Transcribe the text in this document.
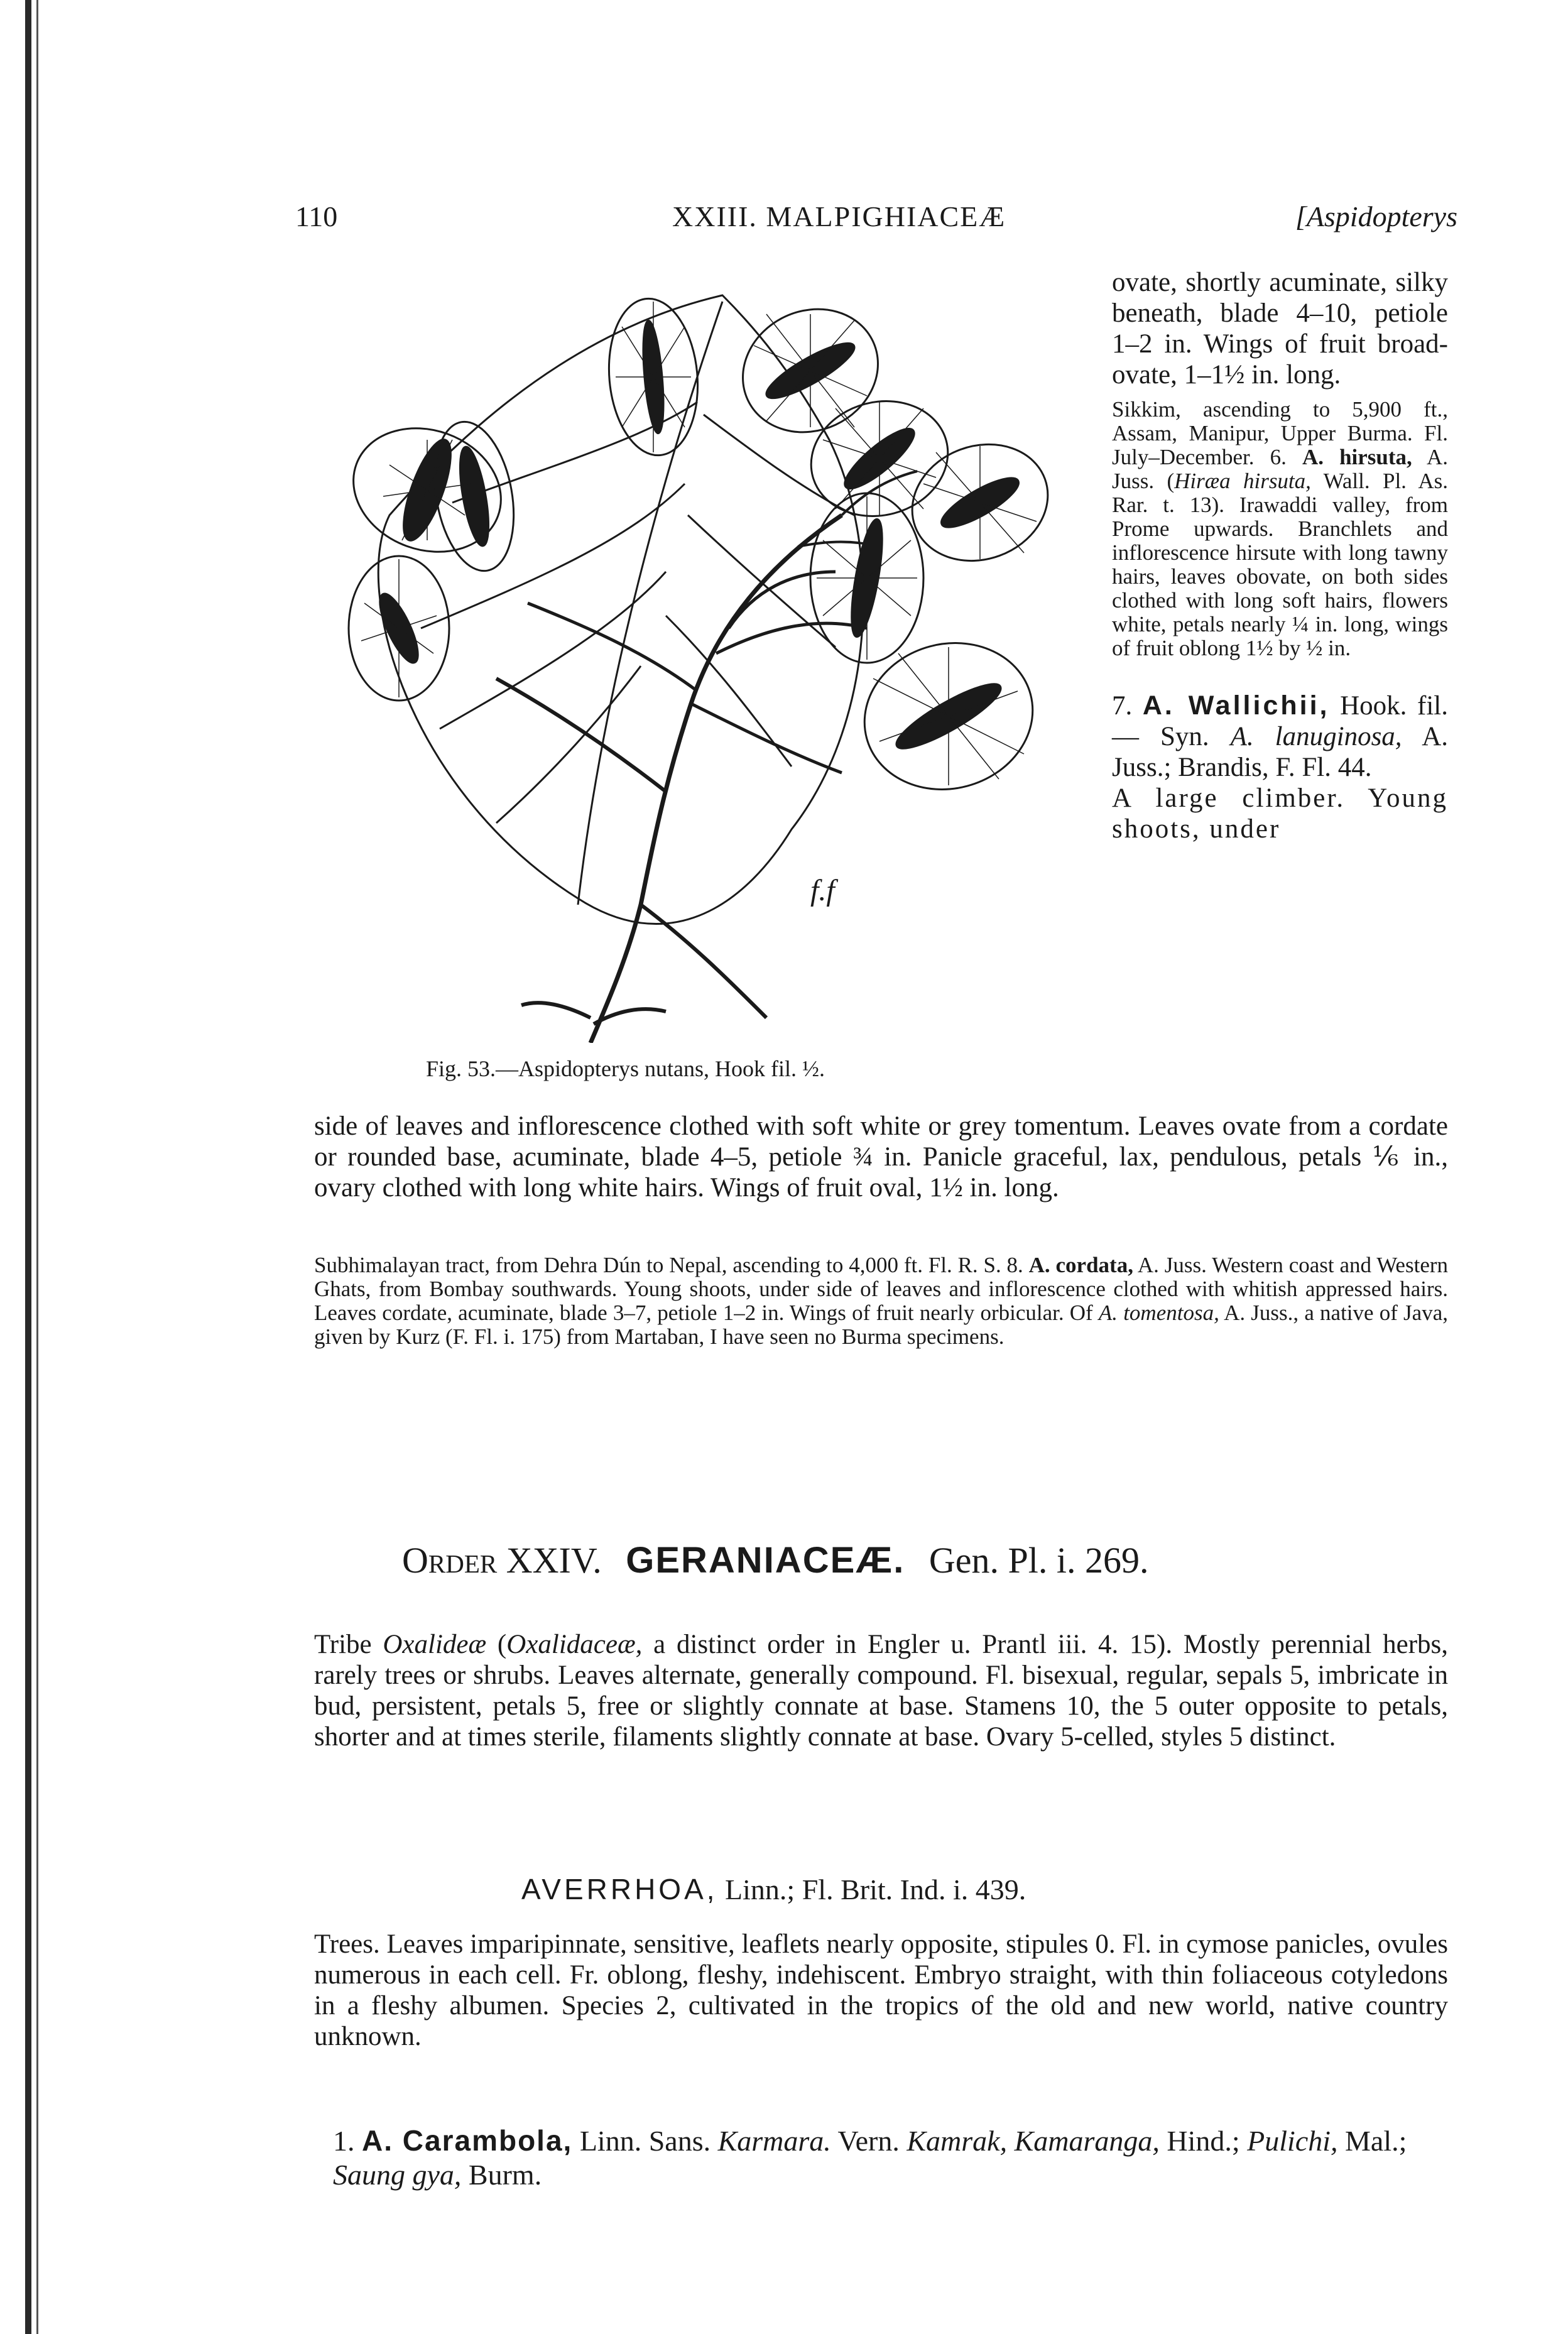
110	XXIII. MALPIGHIACEÆ	[Aspidopterys
f.f
Fig. 53.—Aspidopterys nutans, Hook fil. ½.
ovate, shortly acuminate, silky beneath, blade 4–10, petiole 1–2 in. Wings of fruit broad-ovate, 1–1½ in. long.
Sikkim, ascending to 5,900 ft., Assam, Manipur, Upper Burma. Fl. July–December. 6. A. hirsuta, A. Juss. (Hiræa hirsuta, Wall. Pl. As. Rar. t. 13). Irawaddi valley, from Prome upwards. Branchlets and inflorescence hirsute with long tawny hairs, leaves obovate, on both sides clothed with long soft hairs, flowers white, petals nearly ¼ in. long, wings of fruit oblong 1½ by ½ in.
7. A. Wallichii, Hook. fil. — Syn. A. lanuginosa, A. Juss.; Brandis, F. Fl. 44.
A large climber. Young shoots, under
side of leaves and inflorescence clothed with soft white or grey tomentum. Leaves ovate from a cordate or rounded base, acuminate, blade 4–5, petiole ¾ in. Panicle graceful, lax, pendulous, petals ⅙ in., ovary clothed with long white hairs. Wings of fruit oval, 1½ in. long.
Subhimalayan tract, from Dehra Dún to Nepal, ascending to 4,000 ft. Fl. R. S. 8. A. cordata, A. Juss. Western coast and Western Ghats, from Bombay southwards. Young shoots, under side of leaves and inflorescence clothed with whitish appressed hairs. Leaves cordate, acuminate, blade 3–7, petiole 1–2 in. Wings of fruit nearly orbicular. Of A. tomentosa, A. Juss., a native of Java, given by Kurz (F. Fl. i. 175) from Martaban, I have seen no Burma specimens.
Order XXIV. GERANIACEÆ. Gen. Pl. i. 269.
Tribe Oxalideæ (Oxalidaceæ, a distinct order in Engler u. Prantl iii. 4. 15). Mostly perennial herbs, rarely trees or shrubs. Leaves alternate, generally compound. Fl. bisexual, regular, sepals 5, imbricate in bud, persistent, petals 5, free or slightly connate at base. Stamens 10, the 5 outer opposite to petals, shorter and at times sterile, filaments slightly connate at base. Ovary 5-celled, styles 5 distinct.
AVERRHOA, Linn.; Fl. Brit. Ind. i. 439.
Trees. Leaves imparipinnate, sensitive, leaflets nearly opposite, stipules 0. Fl. in cymose panicles, ovules numerous in each cell. Fr. oblong, fleshy, indehiscent. Embryo straight, with thin foliaceous cotyledons in a fleshy albumen. Species 2, cultivated in the tropics of the old and new world, native country unknown.
1. A. Carambola, Linn. Sans. Karmara. Vern. Kamrak, Kamaranga, Hind.; Pulichi, Mal.; Saung gya, Burm.
